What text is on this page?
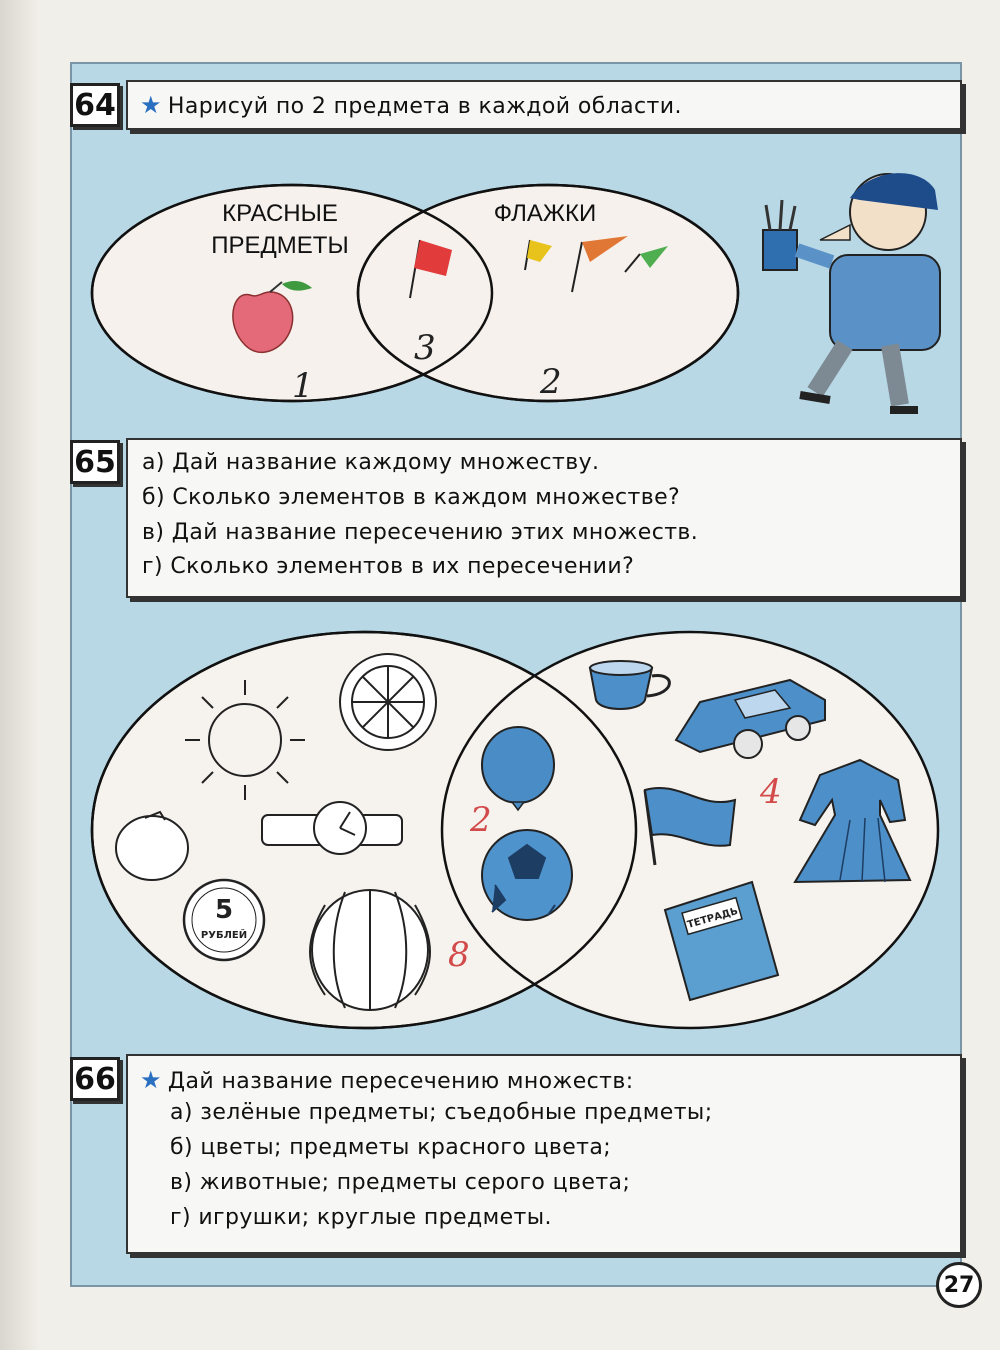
5
РУБЛЕЙ
ТЕТРАДЬ
64 ★ Нарисуй по 2 предмета в каждой области.
КРАСНЫЕ
ПРЕДМЕТЫ
ФЛАЖКИ
1
3
2
65 а) Дай название каждому множеству.
б) Сколько элементов в каждом множестве?
в) Дай название пересечению этих множеств.
г) Сколько элементов в их пересечении?
2
4
8
66 ★ Дай название пересечению множеств:
а) зелёные предметы; съедобные предметы;
б) цветы; предметы красного цвета;
в) животные; предметы серого цвета;
г) игрушки; круглые предметы.
27
